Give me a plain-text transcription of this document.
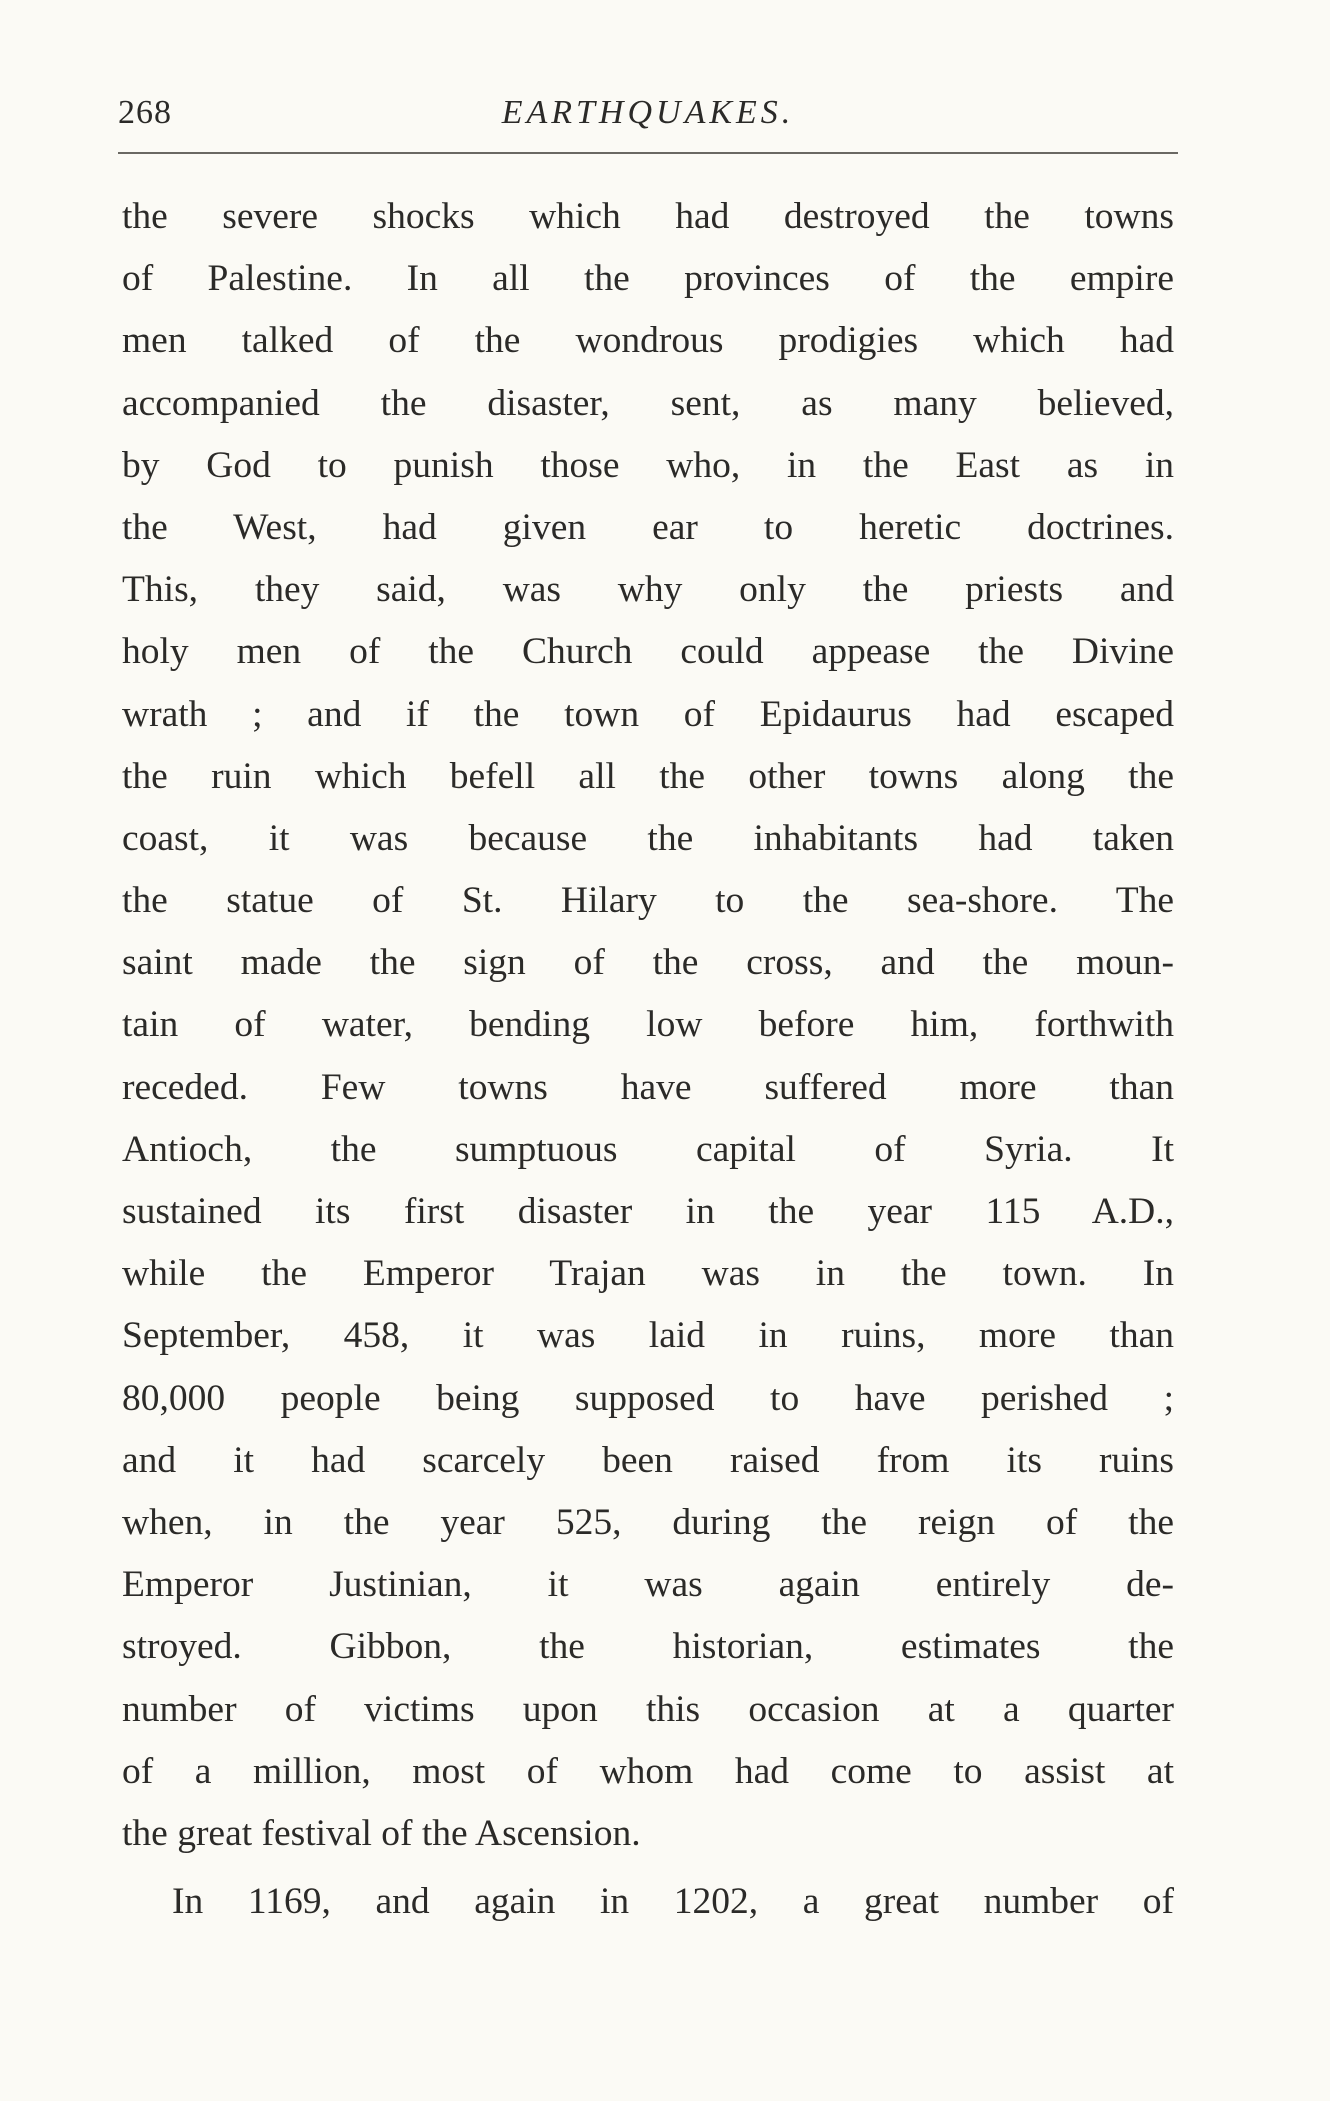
268	EARTHQUAKES.
the severe shocks which had destroyed the towns
of Palestine. In all the provinces of the empire
men talked of the wondrous prodigies which had
accompanied the disaster, sent, as many believed,
by God to punish those who, in the East as in
the West, had given ear to heretic doctrines.
This, they said, was why only the priests and
holy men of the Church could appease the Divine
wrath ; and if the town of Epidaurus had escaped
the ruin which befell all the other towns along the
coast, it was because the inhabitants had taken
the statue of St. Hilary to the sea-shore. The
saint made the sign of the cross, and the moun-
tain of water, bending low before him, forthwith
receded. Few towns have suffered more than
Antioch, the sumptuous capital of Syria. It
sustained its first disaster in the year 115 A.D.,
while the Emperor Trajan was in the town. In
September, 458, it was laid in ruins, more than
80,000 people being supposed to have perished ;
and it had scarcely been raised from its ruins
when, in the year 525, during the reign of the
Emperor Justinian, it was again entirely de-
stroyed. Gibbon, the historian, estimates the
number of victims upon this occasion at a quarter
of a million, most of whom had come to assist at
the great festival of the Ascension.
In 1169, and again in 1202, a great number of
